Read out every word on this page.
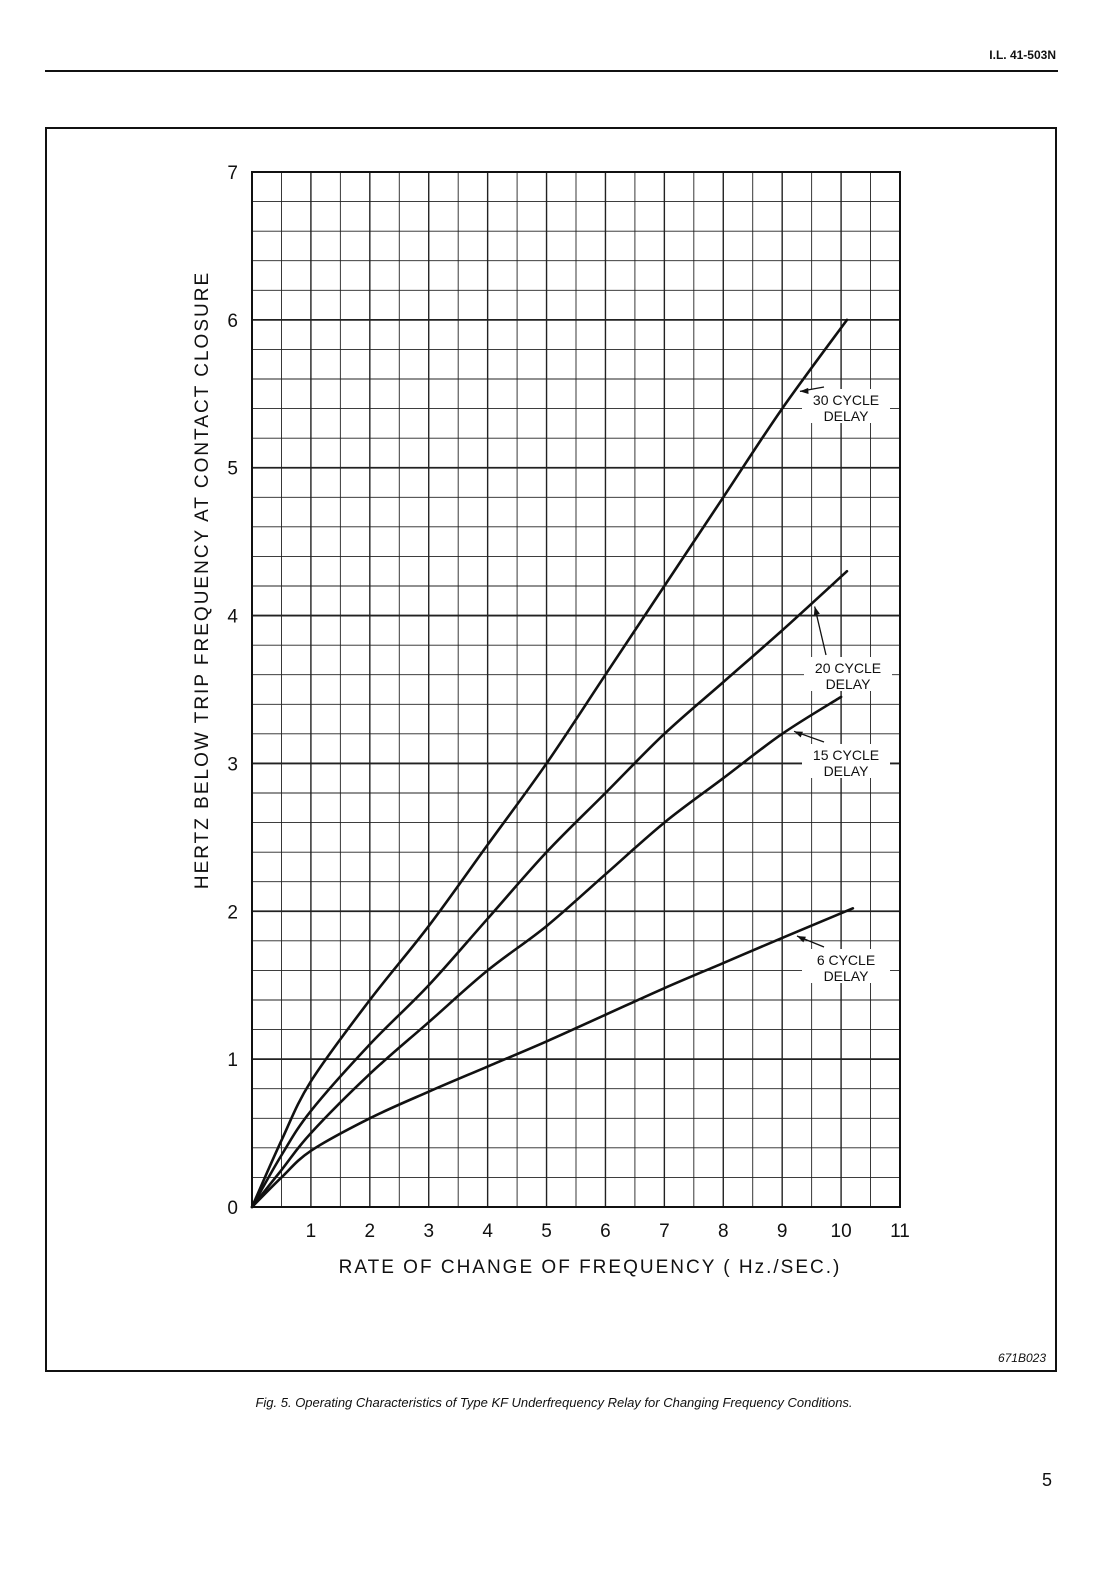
I.L. 41-503N
1	2	3	4	5	6	7	8	9 10 11
0
1
2
3
4
5
6
7
30 CYCLE
DELAY
20 CYCLE
DELAY
15 CYCLE
DELAY
6 CYCLE
DELAY
RATE OF CHANGE OF FREQUENCY ( Hz./SEC.)
HERTZ BELOW TRIP FREQUENCY AT CONTACT CLOSURE
671B023
Fig. 5. Operating Characteristics of Type KF Underfrequency Relay for Changing Frequency Conditions.
5
